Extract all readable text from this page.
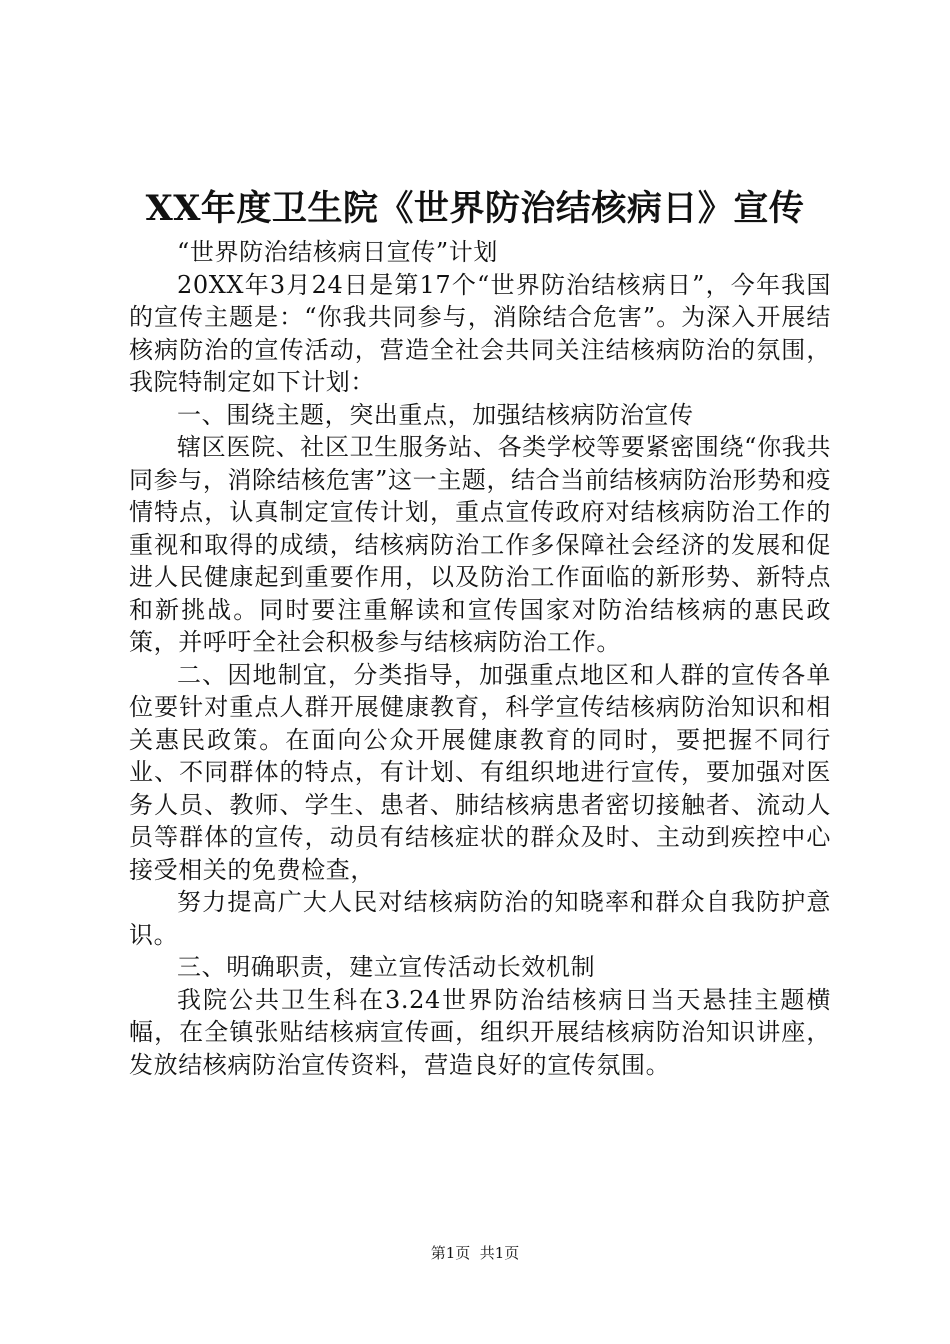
XX年度卫生院《世界防治结核病日》宣传

“世界防治结核病日宣传”计划

20XX年3月24日是第17个“世界防治结核病日”，今年我国的宣传主题是：“你我共同参与，消除结合危害”。为深入开展结核病防治的宣传活动，营造全社会共同关注结核病防治的氛围，我院特制定如下计划：

一、围绕主题，突出重点，加强结核病防治宣传

辖区医院、社区卫生服务站、各类学校等要紧密围绕“你我共同参与，消除结核危害”这一主题，结合当前结核病防治形势和疫情特点，认真制定宣传计划，重点宣传政府对结核病防治工作的重视和取得的成绩，结核病防治工作多保障社会经济的发展和促进人民健康起到重要作用，以及防治工作面临的新形势、新特点和新挑战。同时要注重解读和宣传国家对防治结核病的惠民政策，并呼吁全社会积极参与结核病防治工作。

二、因地制宜，分类指导，加强重点地区和人群的宣传各单位要针对重点人群开展健康教育，科学宣传结核病防治知识和相关惠民政策。在面向公众开展健康教育的同时，要把握不同行业、不同群体的特点，有计划、有组织地进行宣传，要加强对医务人员、教师、学生、患者、肺结核病患者密切接触者、流动人员等群体的宣传，动员有结核症状的群众及时、主动到疾控中心接受相关的免费检查，

努力提高广大人民对结核病防治的知晓率和群众自我防护意识。

三、明确职责，建立宣传活动长效机制

我院公共卫生科在3.24世界防治结核病日当天悬挂主题横幅，在全镇张贴结核病宣传画，组织开展结核病防治知识讲座，发放结核病防治宣传资料，营造良好的宣传氛围。

第1页  共1页
